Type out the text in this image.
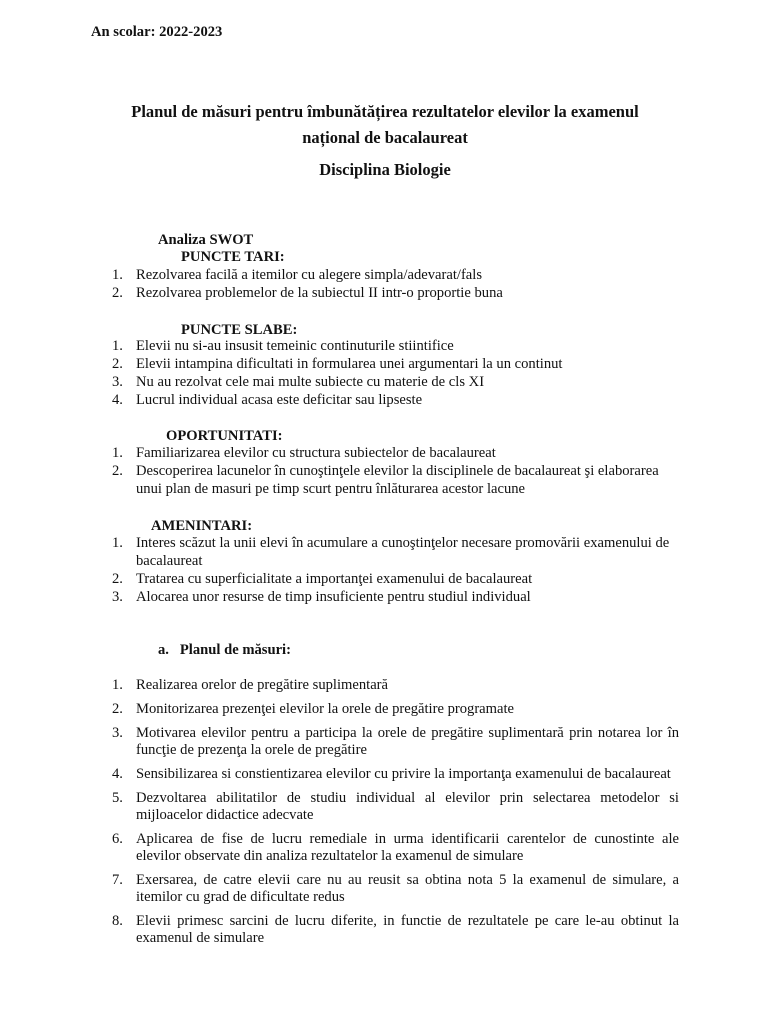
An scolar: 2022-2023
Planul de măsuri pentru îmbunătățirea rezultatelor elevilor la examenul
național de bacalaureat
Disciplina Biologie
Analiza SWOT
PUNCTE TARI:
1. Rezolvarea facilă a itemilor cu alegere simpla/adevarat/fals
2. Rezolvarea problemelor de la subiectul II intr-o proportie buna
PUNCTE SLABE:
1. Elevii nu si-au insusit temeinic continuturile stiintifice
2. Elevii intampina dificultati in formularea unei argumentari la un continut
3. Nu au rezolvat cele mai multe subiecte cu materie de cls XI
4. Lucrul individual acasa este deficitar sau lipseste
OPORTUNITATI:
1. Familiarizarea elevilor cu structura subiectelor de bacalaureat
2. Descoperirea lacunelor în cunoştinţele elevilor la disciplinele de bacalaureat şi elaborarea unui plan de masuri pe timp scurt pentru înlăturarea acestor lacune
AMENINTARI:
1. Interes scăzut la unii elevi în acumulare a cunoştinţelor necesare promovării examenului de bacalaureat
2. Tratarea cu superficialitate a importanţei examenului de bacalaureat
3. Alocarea unor resurse de timp insuficiente pentru studiul individual
a.   Planul de măsuri:
1. Realizarea orelor de pregătire suplimentară
2. Monitorizarea prezenţei elevilor la orele de pregătire programate
3. Motivarea elevilor pentru a participa la orele de pregătire suplimentară prin notarea lor în funcţie de prezenţa la orele de pregătire
4. Sensibilizarea si constientizarea elevilor cu privire la importanţa examenului de bacalaureat
5. Dezvoltarea abilitatilor de studiu individual al elevilor prin selectarea metodelor si mijloacelor didactice adecvate
6. Aplicarea de fise de lucru remediale in urma identificarii carentelor de cunostinte ale elevilor observate din analiza rezultatelor la examenul de simulare
7. Exersarea, de catre elevii care nu au reusit sa obtina nota 5 la examenul de simulare, a itemilor cu grad de dificultate redus
8. Elevii primesc sarcini de lucru diferite, in functie de rezultatele pe care le-au obtinut la examenul de simulare
